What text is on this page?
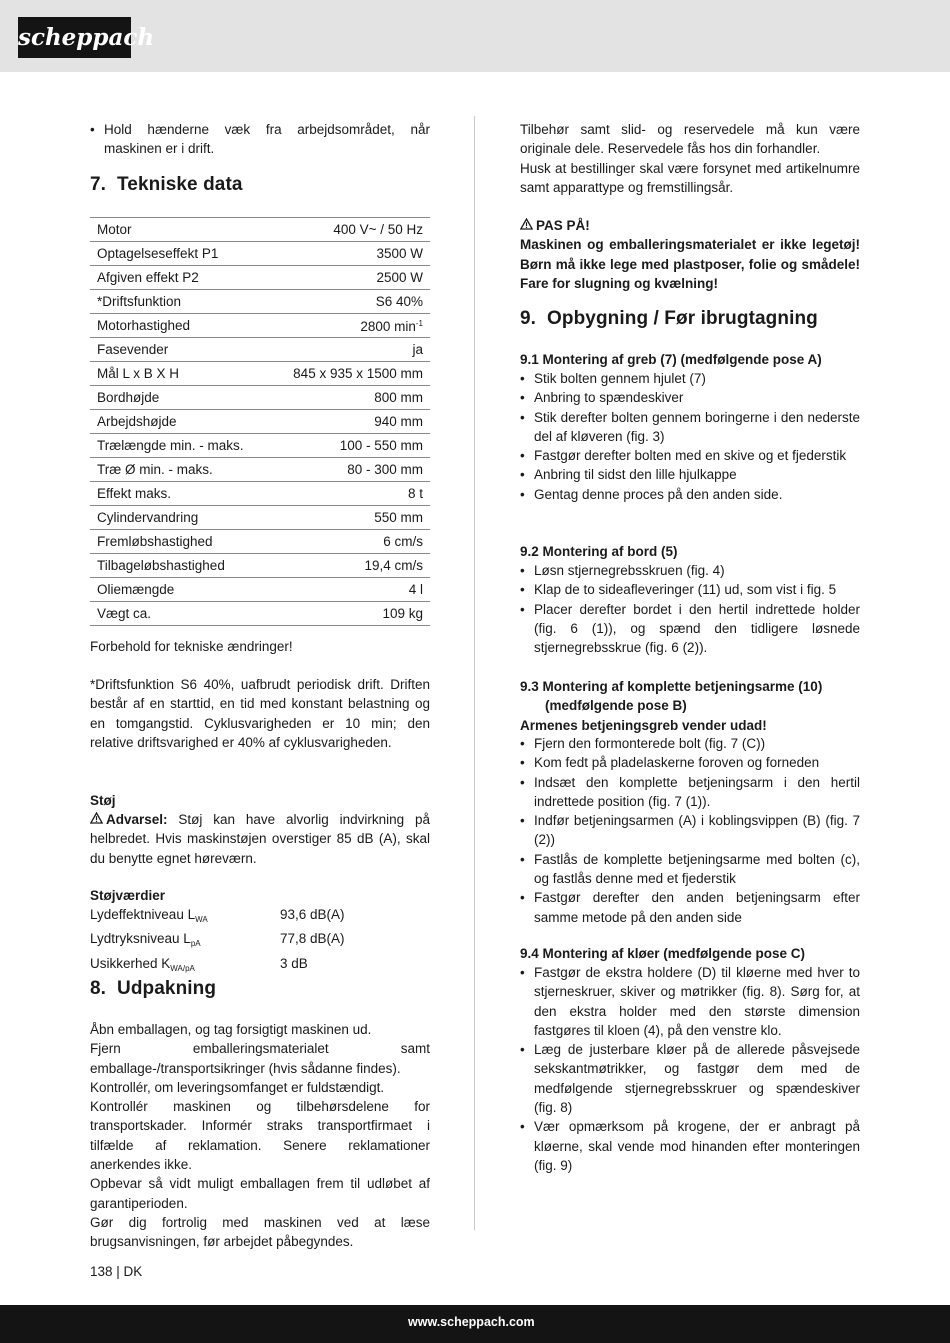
scheppach
• Hold hænderne væk fra arbejdsområdet, når maskinen er i drift.
7. Tekniske data
Motor	400 V~ / 50 Hz
Optagelseseffekt P1	3500 W
Afgiven effekt P2	2500 W
*Driftsfunktion	S6 40%
Motorhastighed	2800 $\min^{-1}$
Fasevender	ja
Mål L x B X H	845 x 935 x 1500 mm
Bordhøjde	800 mm
Arbejdshøjde	940 mm
Trælængde min. - maks.	100 - 550 mm
Træ Ø min. - maks.	80 - 300 mm
Effekt maks.	8 t
Cylindervandring	550 mm
Fremløbshastighed	6 cm/s
Tilbageløbshastighed	19,4 cm/s
Oliemængde	4 l
Vægt ca.	109 kg

Forbehold for tekniske ændringer!

*Driftsfunktion S6 40%, uafbrudt periodisk drift. Driften består af en starttid, en tid med konstant belastning og en tomgangstid. Cyklusvarigheden er 10 min; den relative driftsvarighed er 40% af cyklusvarigheden.

Støj

Advarsel: Støj kan have alvorlig indvirkning på helbredet. Hvis maskinstøjen overstiger 85 dB (A), skal du benytte egnet høreværn.

Støjværdier

Lydeffektniveau $L_{WA}$	93,6 dB(A)
Lydtryksniveau $L_{pA}$	77,8 dB(A)
Usikkerhed $K_{WA/pA}$	3 dB
8. Udpakning

Åbn emballagen, og tag forsigtigt maskinen ud.

Fjern emballeringsmaterialet samt emballage-/transportsikringer (hvis sådanne findes).

Kontrollér, om leveringsomfanget er fuldstændigt.

Kontrollér maskinen og tilbehørsdelene for transportskader. Informér straks transportfirmaet i tilfælde af reklamation. Senere reklamationer anerkendes ikke.

Opbevar så vidt muligt emballagen frem til udløbet af garantiperioden.

Gør dig fortrolig med maskinen ved at læse brugsanvisningen, før arbejdet påbegyndes.

Tilbehør samt slid- og reservedele må kun være originale dele. Reservedele fås hos din forhandler.

Husk at bestillinger skal være forsynet med artikelnumre samt apparattype og fremstillingsår.

PAS PÅ!

Maskinen og emballeringsmaterialet er ikke legetøj! Børn må ikke lege med plastposer, folie og smådele! Fare for slugning og kvælning!

9. Opbygning / Før ibrugtagning

9.1 Montering af greb (7) (medfølgende pose A)

• Stik bolten gennem hjulet (7)
• Anbring to spændeskiver
• Stik derefter bolten gennem boringerne i den nederste del af kløveren (fig. 3)
• Fastgør derefter bolten med en skive og et fjederstik
• Anbring til sidst den lille hjulkappe
• Gentag denne proces på den anden side.

9.2 Montering af bord (5)

• Løsn stjernegrebsskruen (fig. 4)
• Klap de to sideafleveringer (11) ud, som vist i fig. 5
• Placer derefter bordet i den hertil indrettede holder (fig. 6 (1)), og spænd den tidligere løsnede stjernegrebsskrue (fig. 6 (2)).

9.3 Montering af komplette betjeningsarme (10)

(medfølgende pose B)

Armenes betjeningsgreb vender udad!

• Fjern den formonterede bolt (fig. 7 (C))
• Kom fedt på pladelaskerne foroven og forneden
• Indsæt den komplette betjeningsarm i den hertil indrettede position (fig. 7 (1)).
• Indfør betjeningsarmen (A) i koblingsvippen (B) (fig. 7 (2))
• Fastlås de komplette betjeningsarme med bolten (c), og fastlås denne med et fjederstik
• Fastgør derefter den anden betjeningsarm efter samme metode på den anden side

9.4 Montering af kløer (medfølgende pose C)

• Fastgør de ekstra holdere (D) til kløerne med hver to stjerneskruer, skiver og møtrikker (fig. 8). Sørg for, at den ekstra holder med den største dimension fastgøres til kloen (4), på den venstre klo.
• Læg de justerbare kløer på de allerede påsvejsede sekskantmøtrikker, og fastgør dem med de medfølgende stjernegrebsskruer og spændeskiver (fig. 8)
• Vær opmærksom på krogene, der er anbragt på kløerne, skal vende mod hinanden efter monteringen (fig. 9)
138 | DK
www.scheppach.com
